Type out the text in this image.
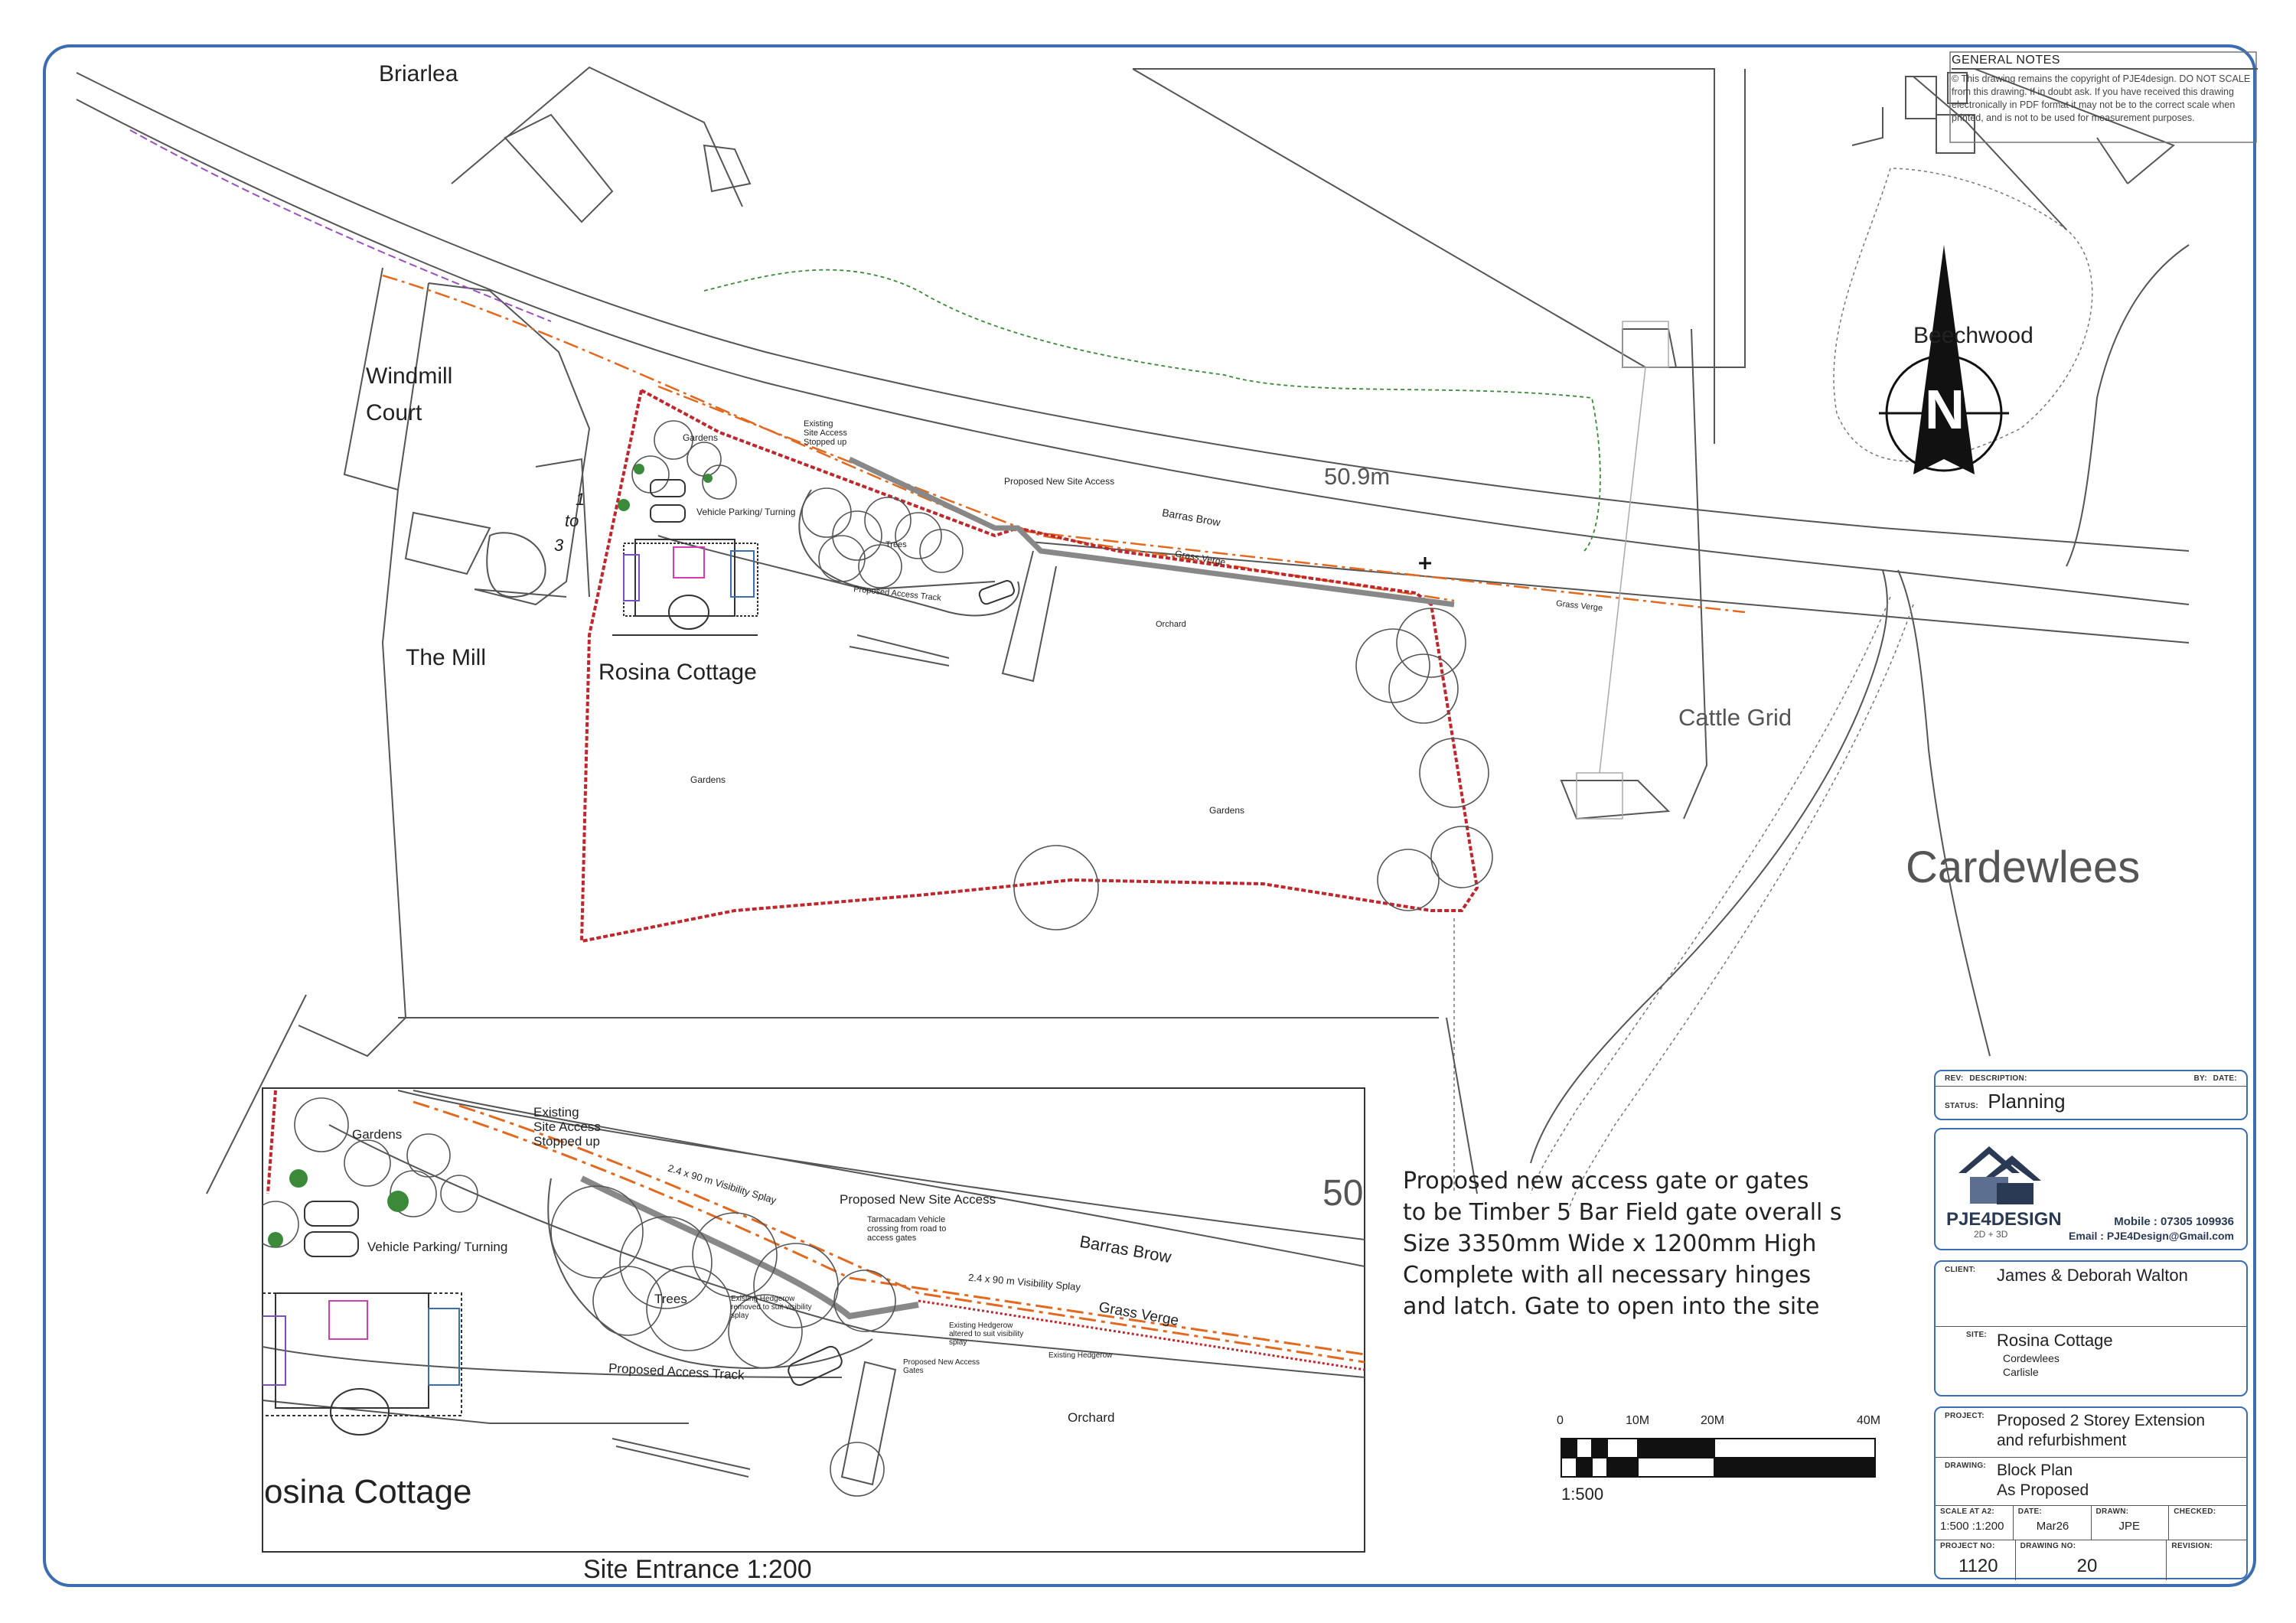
Briarlea
Windmill
Court
1
to
3
The Mill
Rosina Cottage
Beechwood
50.9m
Cattle Grid
Cardewlees
Gardens
Gardens
Gardens
Vehicle Parking/ Turning
Existing
Site Access
Stopped up
Proposed New Site Access
Barras Brow
Grass Verge
Grass Verge
Trees
Proposed Access Track
Orchard
Gardens
Existing
Site Access
Stopped up
Vehicle Parking/ Turning
2.4 x 90 m Visibility Splay
2.4 x 90 m Visibility Splay
Proposed New Site Access
Tarmacadam Vehicle
crossing from road to
access gates
Existing Hedgerow
removed to suit visibility
splay
Barras Brow
Grass Verge
Trees
Existing Hedgerow
altered to suit visibility
splay
Existing Hedgerow
Proposed New Access
Gates
Proposed Access Track
Orchard
50
osina Cottage
Site Entrance 1:200
N
GENERAL NOTES
© This drawing remains the copyright of PJE4design. DO NOT SCALE from this drawing. If in doubt ask. If you have received this drawing electronically in PDF format it may not be to the correct scale when printed, and is not to be used for measurement purposes.
Proposed new access gate or gates
to be Timber 5 Bar Field gate overall s
Size 3350mm Wide x 1200mm High
Complete with all necessary hinges
and latch. Gate to open into the site
0	10M	20M	40M
1:500
REV: DESCRIPTION:	BY: DATE:
STATUS: Planning
PJE4DESIGN
2D + 3D
Mobile : 07305 109936
Email : PJE4Design@Gmail.com
CLIENT: James & Deborah Walton
SITE: Rosina Cottage
Cordewlees
Carlisle
PROJECT: Proposed 2 Storey Extension
and refurbishment
DRAWING: Block Plan
As Proposed
SCALE AT A2:
1:500 :1:200
DATE:
Mar26
DRAWN:
JPE
CHECKED:
PROJECT NO:
1120
DRAWING NO:
20
REVISION:
